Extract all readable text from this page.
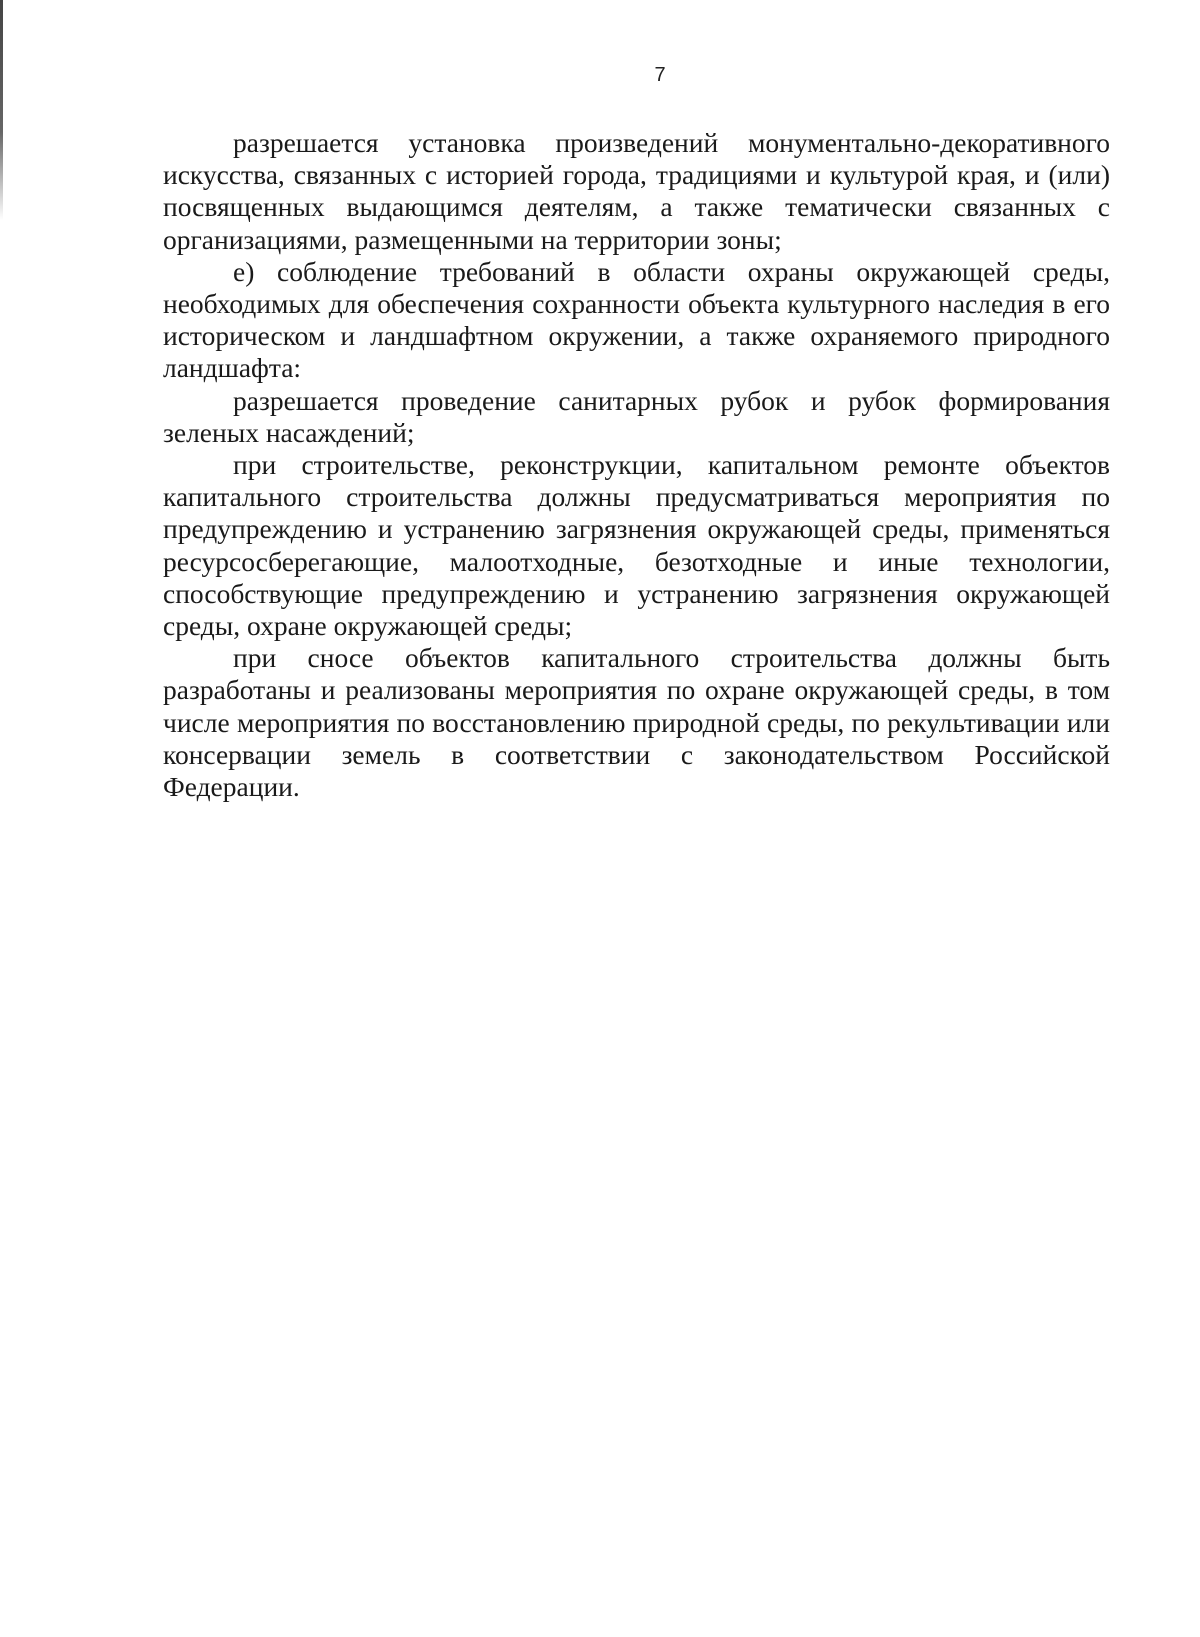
7

разрешается установка произведений монументально-декоративного искусства, связанных с историей города, традициями и культурой края, и (или) посвященных выдающимся деятелям, а также тематически связанных с организациями, размещенными на территории зоны;

е) соблюдение требований в области охраны окружающей среды, необходимых для обеспечения сохранности объекта культурного наследия в его историческом и ландшафтном окружении, а также охраняемого природного ландшафта:

разрешается проведение санитарных рубок и рубок формирования зеленых насаждений;

при строительстве, реконструкции, капитальном ремонте объектов капитального строительства должны предусматриваться мероприятия по предупреждению и устранению загрязнения окружающей среды, применяться ресурсосберегающие, малоотходные, безотходные и иные технологии, способствующие предупреждению и устранению загрязнения окружающей среды, охране окружающей среды;

при сносе объектов капитального строительства должны быть разработаны и реализованы мероприятия по охране окружающей среды, в том числе мероприятия по восстановлению природной среды, по рекультивации или консервации земель в соответствии с законодательством Российской Федерации.
